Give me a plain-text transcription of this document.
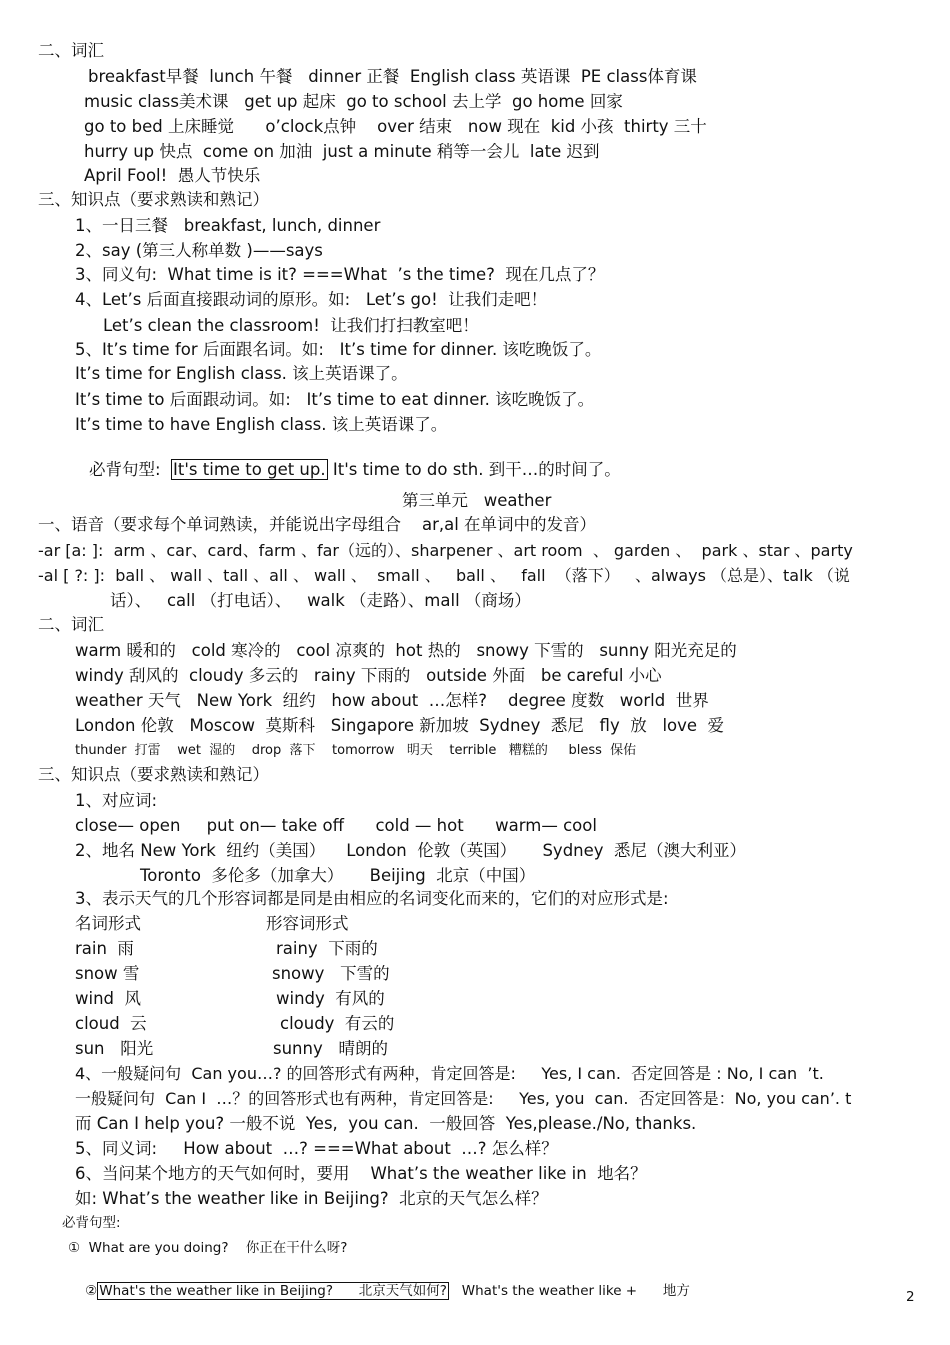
二、词汇
breakfast早餐  lunch 午餐   dinner 正餐  English class 英语课  PE class体育课
music class美术课   get up 起床  go to school 去上学  go home 回家
go to bed 上床睡觉      o’clock点钟    over 结束   now 现在  kid 小孩  thirty 三十
hurry up 快点  come on 加油  just a minute 稍等一会儿  late 迟到
April Fool!  愚人节快乐
三、知识点（要求熟读和熟记）
1、一日三餐   breakfast, lunch, dinner
2、say (第三人称单数 )——says
3、同义句:  What time is it? ===What  ’s the time?  现在几点了？
4、Let’s 后面直接跟动词的原形。如:   Let’s go!  让我们走吧！
Let’s clean the classroom!  让我们打扫教室吧！
5、It’s time for 后面跟名词。如:   It’s time for dinner. 该吃晚饭了。
It’s time for English class. 该上英语课了。
It’s time to 后面跟动词。如:   It’s time to eat dinner. 该吃晚饭了。
It’s time to have English class. 该上英语课了。

必背句型: It's time to get up. It's time to do sth. 到干…的时间了。

第三单元   weather
一、语音（要求每个单词熟读，并能说出字母组合    ar,al 在单词中的发音）
-ar [a: ]:  arm 、car、card、farm 、far（远的）、sharpener 、art room  、 garden 、  park 、star 、party
-al [ ?: ]:  ball 、 wall 、tall 、all 、 wall 、  small 、   ball 、   fall  （落下）   、always （总是）、talk （说
话）、   call （打电话）、   walk （走路）、mall （商场）
二、词汇
warm 暖和的   cold 寒冷的   cool 凉爽的  hot 热的   snowy 下雪的   sunny 阳光充足的
windy 刮风的  cloudy 多云的   rainy 下雨的   outside 外面   be careful 小心
weather 天气   New York  纽约   how about  …怎样?    degree 度数   world  世界
London 伦敦   Moscow  莫斯科   Singapore 新加坡  Sydney  悉尼   fly  放   love  爱
thunder  打雷    wet  湿的    drop  落下    tomorrow   明天    terrible   糟糕的     bless  保佑
三、知识点（要求熟读和熟记）
1、对应词:
close— open     put on— take off      cold — hot      warm— cool
2、地名 New York  纽约（美国）    London  伦敦（英国）     Sydney  悉尼（澳大利亚）
Toronto  多伦多（加拿大）     Beijing  北京（中国）
3、表示天气的几个形容词都是同是由相应的名词变化而来的，它们的对应形式是:
名词形式	形容词形式
rain  雨	rainy  下雨的
snow 雪	snowy   下雪的
wind  风	windy  有风的
cloud  云	cloudy  有云的
sun   阳光	sunny   晴朗的
4、一般疑问句  Can you…? 的回答形式有两种，肯定回答是:     Yes, I can.  否定回答是 : No, I can  ’t.
一般疑问句  Can I  …？的回答形式也有两种，肯定回答是:     Yes, you  can.  否定回答是：No, you can’. t
而 Can I help you? 一般不说  Yes,  you can.  一般回答  Yes,please./No, thanks.
5、同义词:     How about  …? ===What about  …? 怎么样？
6、当问某个地方的天气如何时，要用    What’s the weather like in  地名？
如: What’s the weather like in Beijing?  北京的天气怎么样？
必背句型:
①  What are you doing?    你正在干什么呀?

② What's the weather like in Beijing?      北京天气如何? What's the weather like +      地方
	2
